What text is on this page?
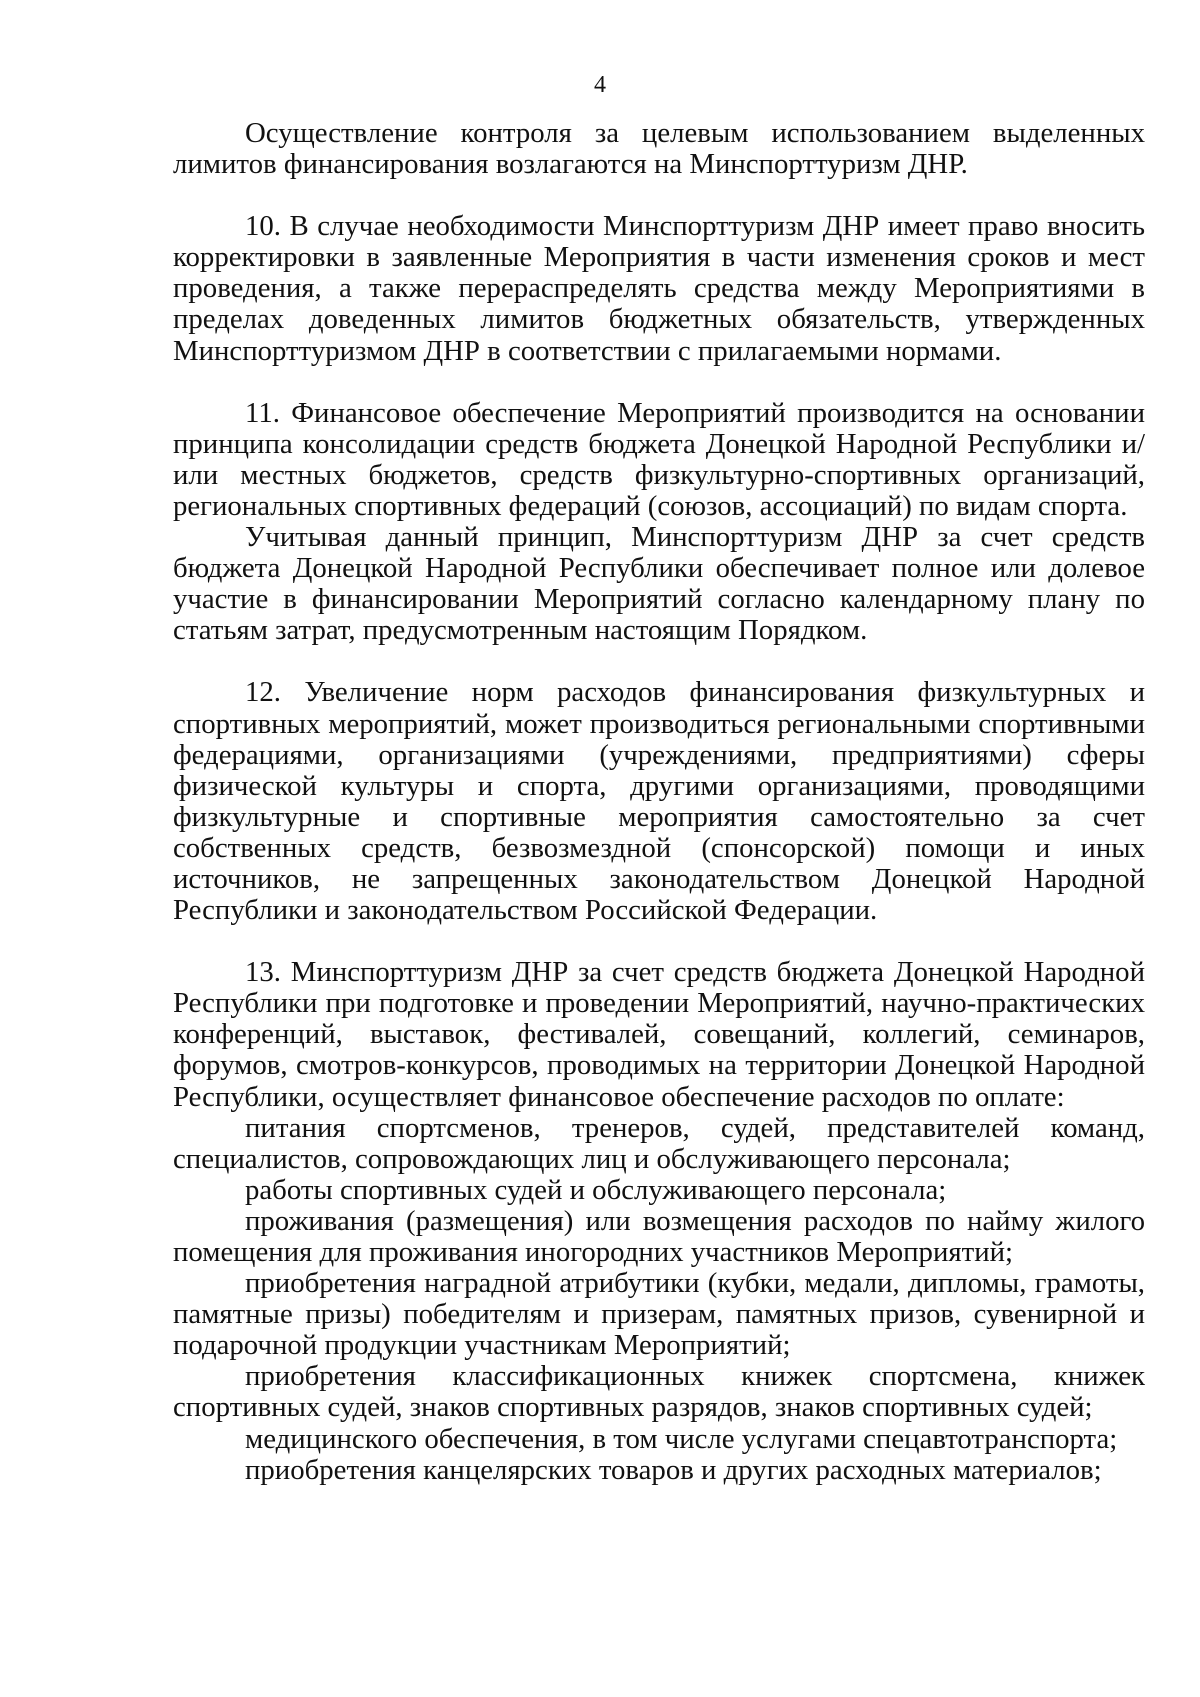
4

Осуществление контроля за целевым использованием выделенных лимитов финансирования возлагаются на Минспорттуризм ДНР.

10. В случае необходимости Минспорттуризм ДНР имеет право вносить корректировки в заявленные Мероприятия в части изменения сроков и мест проведения, а также перераспределять средства между Мероприятиями в пределах доведенных лимитов бюджетных обязательств, утвержденных Минспорттуризмом ДНР в соответствии с прилагаемыми нормами.

11. Финансовое обеспечение Мероприятий производится на основании принципа консолидации средств бюджета Донецкой Народной Республики и/или местных бюджетов, средств физкультурно-спортивных организаций, региональных спортивных федераций (союзов, ассоциаций) по видам спорта.

Учитывая данный принцип, Минспорттуризм ДНР за счет средств бюджета Донецкой Народной Республики обеспечивает полное или долевое участие в финансировании Мероприятий согласно календарному плану по статьям затрат, предусмотренным настоящим Порядком.

12. Увеличение норм расходов финансирования физкультурных и спортивных мероприятий, может производиться региональными спортивными федерациями, организациями (учреждениями, предприятиями) сферы физической культуры и спорта, другими организациями, проводящими физкультурные и спортивные мероприятия самостоятельно за счет собственных средств, безвозмездной (спонсорской) помощи и иных источников, не запрещенных законодательством Донецкой Народной Республики и законодательством Российской Федерации.

13. Минспорттуризм ДНР за счет средств бюджета Донецкой Народной Республики при подготовке и проведении Мероприятий, научно-практических конференций, выставок, фестивалей, совещаний, коллегий, семинаров, форумов, смотров-конкурсов, проводимых на территории Донецкой Народной Республики, осуществляет финансовое обеспечение расходов по оплате:

питания спортсменов, тренеров, судей, представителей команд, специалистов, сопровождающих лиц и обслуживающего персонала;

работы спортивных судей и обслуживающего персонала;

проживания (размещения) или возмещения расходов по найму жилого помещения для проживания иногородних участников Мероприятий;

приобретения наградной атрибутики (кубки, медали, дипломы, грамоты, памятные призы) победителям и призерам, памятных призов, сувенирной и подарочной продукции участникам Мероприятий;

приобретения классификационных книжек спортсмена, книжек спортивных судей, знаков спортивных разрядов, знаков спортивных судей;

медицинского обеспечения, в том числе услугами спецавтотранспорта;

приобретения канцелярских товаров и других расходных материалов;
